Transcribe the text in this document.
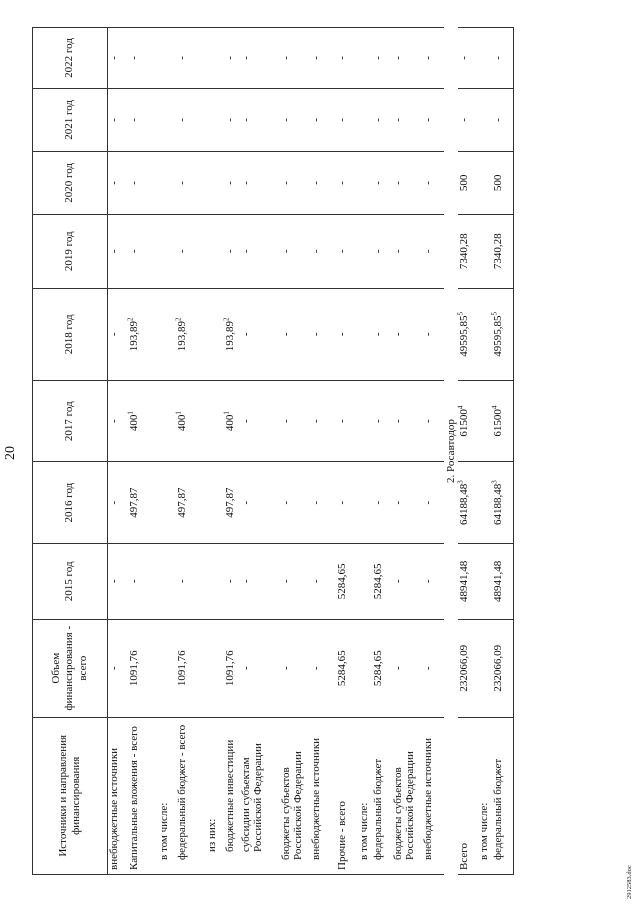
20
Источники и направления финансирования	Объем финансирования - всего	2015 год	2016 год	2017 год	2018 год	2019 год	2020 год	2021 год	2022 год
внебюджетные источники	-	-	-	-	-	-	-	-	-
Капитальные вложения - всего	1091,76	-	497,87	$400^1$	193,89$^2$	-	-	-	-
в том числе:									
федеральный бюджет - всего	1091,76	-	497,87	$400^1$	193,89$^2$	-	-	-	-
из них:									
бюджетные инвестиции	1091,76	-	497,87	$400^1$	193,89$^2$	-	-	-	-
субсидии субъектам Российской Федерации	-	-	-	-	-	-	-	-	-
бюджеты субъектов Российской Федерации	-	-	-	-	-	-	-	-	-
внебюджетные источники	-	-	-	-	-	-	-	-	-
Прочие - всего	5284,65	5284,65	-	-	-	-	-	-	-
в том числе:									
федеральный бюджет	5284,65	5284,65	-	-	-	-	-	-	-
бюджеты субъектов Российской Федерации	-	-	-	-	-	-	-	-	-
внебюджетные источники	-	-	-	-	-	-	-	-	-
2. Росавтодор									
Всего	232066,09	48941,48	64188,48$^3$	61500$^4$	49595,85$^5$	7340,28	500	-	-
в том числе:									
федеральный бюджет	232066,09	48941,48	64188,48$^3$	61500$^4$	49595,85$^5$	7340,28	500	-	-
2912583.doc
